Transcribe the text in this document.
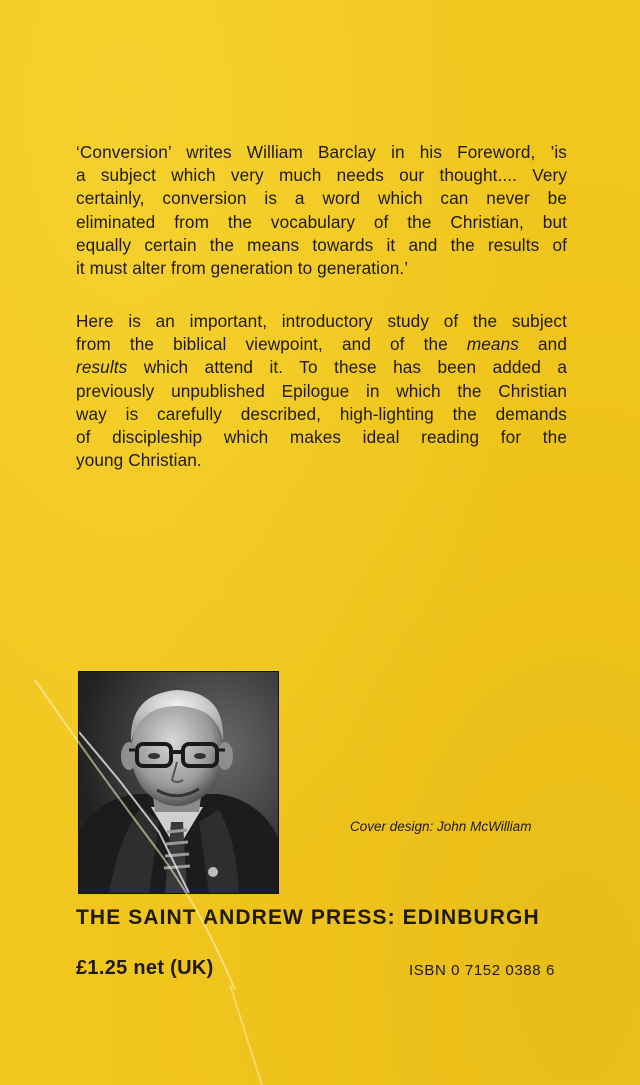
‘Conversion’ writes William Barclay in his Foreword, ’is
a subject which very much needs our thought.... Very
certainly, conversion is a word which can never be
eliminated from the vocabulary of the Christian, but
equally certain the means towards it and the results of
it must alter from generation to generation.’
Here is an important, introductory study of the subject
from the biblical viewpoint, and of the means and
results which attend it. To these has been added a
previously unpublished Epilogue in which the Christian
way is carefully described, high-lighting the demands
of discipleship which makes ideal reading for the
young Christian.
Cover design: John McWilliam
THE SAINT ANDREW PRESS: EDINBURGH
£1.25 net (UK)	ISBN 0 7152 0388 6
